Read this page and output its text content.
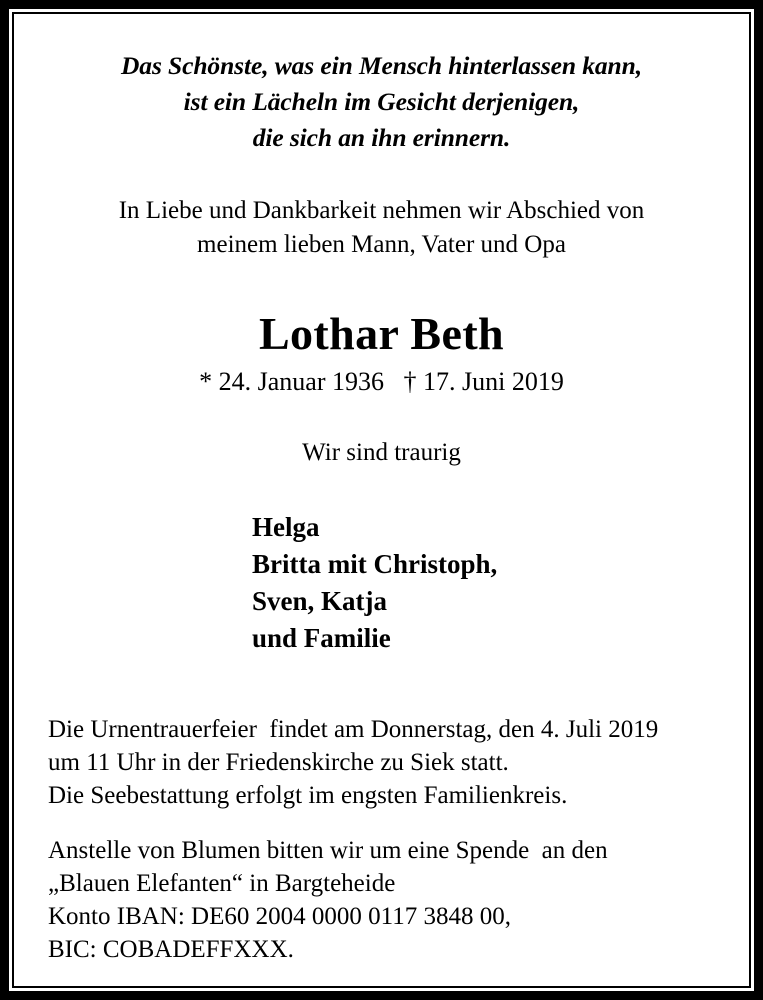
Das Schönste, was ein Mensch hinterlassen kann,
ist ein Lächeln im Gesicht derjenigen,
die sich an ihn erinnern.
In Liebe und Dankbarkeit nehmen wir Abschied von
meinem lieben Mann, Vater und Opa
Lothar Beth
* 24. Januar 1936   † 17. Juni 2019
Wir sind traurig
Helga
Britta mit Christoph,
Sven, Katja
und Familie
Die Urnentrauerfeier  findet am Donnerstag, den 4. Juli 2019
um 11 Uhr in der Friedenskirche zu Siek statt.
Die Seebestattung erfolgt im engsten Familienkreis.
Anstelle von Blumen bitten wir um eine Spende  an den
„Blauen Elefanten“ in Bargteheide
Konto IBAN: DE60 2004 0000 0117 3848 00,
BIC: COBADEFFXXX.
